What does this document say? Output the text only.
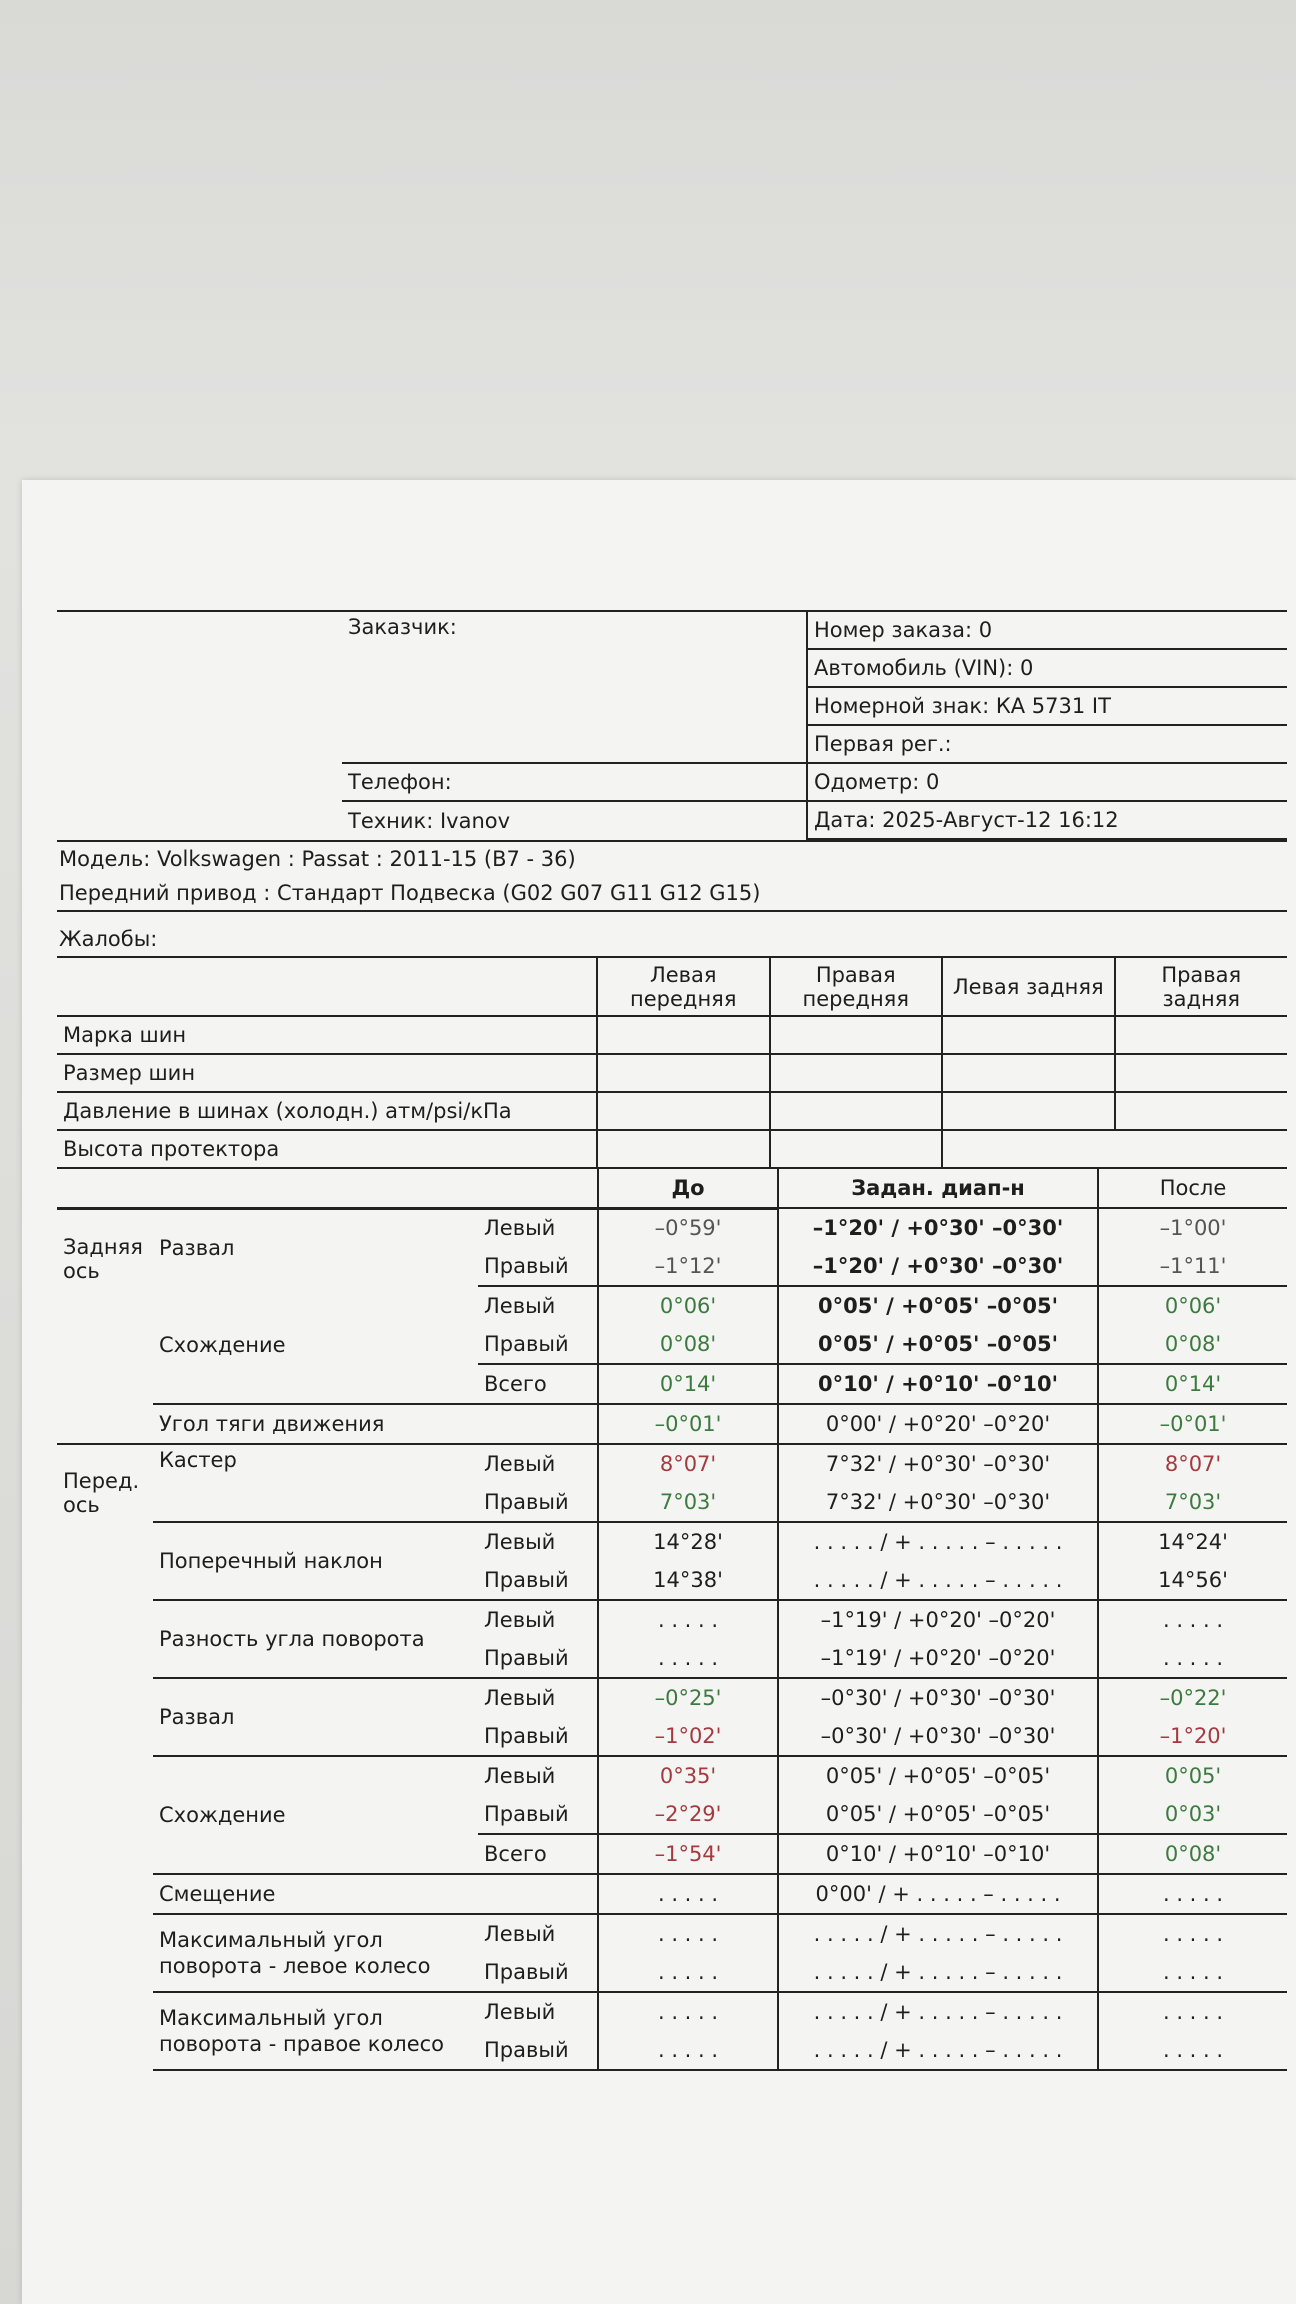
	Заказчик:	Номер заказа: 0
		Автомобиль (VIN): 0
		Номерной знак: КА 5731 IT
		Первая рег.:
	Телефон:	Одометр: 0
	Техник: Ivanov	Дата: 2025-Август-12 16:12
Модель: Volkswagen : Passat : 2011-15 (B7 - 36)
Передний привод : Стандарт Подвеска (G02 G07 G11 G12 G15)
Жалобы:
	Левая передняя	Правая передняя	Левая задняя	Правая задняя
Марка шин				
Размер шин				
Давление в шинах (холодн.) атм/psi/кПа				
Высота протектора				
			До	Задан. диап-н	После
Задняя ось	Развал	Левый	–0°59'	–1°20' / +0°30' –0°30'	–1°00'
		Правый	–1°12'	–1°20' / +0°30' –0°30'	–1°11'
	Схождение	Левый	0°06'	0°05' / +0°05' –0°05'	0°06'
		Правый	0°08'	0°05' / +0°05' –0°05'	0°08'
		Всего	0°14'	0°10' / +0°10' –0°10'	0°14'
	Угол тяги движения		–0°01'	0°00' / +0°20' –0°20'	–0°01'
Перед. ось	Кастер	Левый	8°07'	7°32' / +0°30' –0°30'	8°07'
		Правый	7°03'	7°32' / +0°30' –0°30'	7°03'
	Поперечный наклон	Левый	14°28'	. . . . . / + . . . . . – . . . . .	14°24'
		Правый	14°38'	. . . . . / + . . . . . – . . . . .	14°56'
	Разность угла поворота	Левый	. . . . .	–1°19' / +0°20' –0°20'	. . . . .
		Правый	. . . . .	–1°19' / +0°20' –0°20'	. . . . .
	Развал	Левый	–0°25'	–0°30' / +0°30' –0°30'	–0°22'
		Правый	–1°02'	–0°30' / +0°30' –0°30'	–1°20'
	Схождение	Левый	0°35'	0°05' / +0°05' –0°05'	0°05'
		Правый	–2°29'	0°05' / +0°05' –0°05'	0°03'
		Всего	–1°54'	0°10' / +0°10' –0°10'	0°08'
	Смещение		. . . . .	0°00' / + . . . . . – . . . . .	. . . . .
	Максимальный угол поворота - левое колесо	Левый	. . . . .	. . . . . / + . . . . . – . . . . .	. . . . .
		Правый	. . . . .	. . . . . / + . . . . . – . . . . .	. . . . .
	Максимальный угол поворота - правое колесо	Левый	. . . . .	. . . . . / + . . . . . – . . . . .	. . . . .
		Правый	. . . . .	. . . . . / + . . . . . – . . . . .	. . . . .
